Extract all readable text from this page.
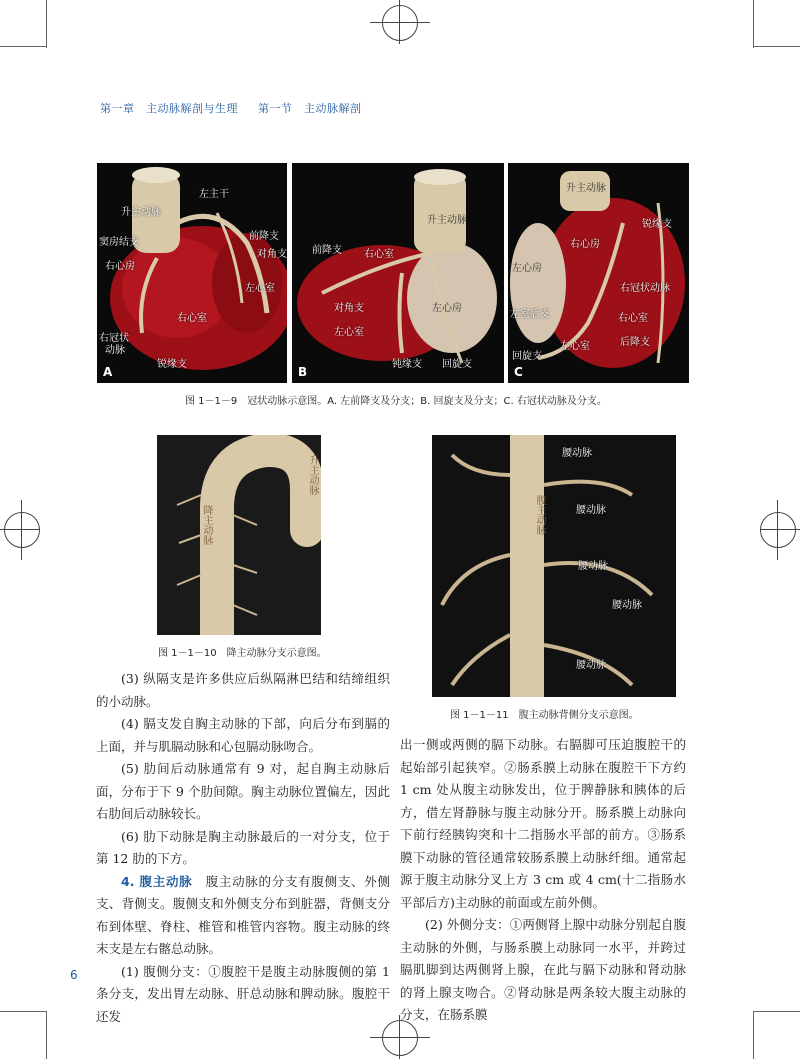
第一章　主动脉解剖与生理 第一节　主动脉解剖
升主动脉
左主干
窦房结支
前降支
对角支
右心房
左心室
右心室
右冠状
动脉
锐缘支
A
升主动脉
前降支 右心室
对角支
左心室
左心房
钝缘支 回旋支
B
升主动脉
锐缘支
右心房
左心房
右冠状动脉
左室后支	右心室
左心室	后降支
回旋支
C
图 1－1－9　冠状动脉示意图。A. 左前降支及分支；B. 回旋支及分支；C. 右冠状动脉及分支。
降主动脉
升主动脉
图 1－1－10　降主动脉分支示意图。
腹主动脉
腰动脉
腰动脉
腰动脉
腰动脉
腰动脉
图 1－1－11　腹主动脉背侧分支示意图。

(3) 纵隔支是许多供应后纵隔淋巴结和结缔组织的小动脉。

(4) 膈支发自胸主动脉的下部，向后分布到膈的上面，并与肌膈动脉和心包膈动脉吻合。

(5) 肋间后动脉通常有 9 对，起自胸主动脉后面，分布于下 9 个肋间隙。胸主动脉位置偏左，因此右肋间后动脉较长。

(6) 肋下动脉是胸主动脉最后的一对分支，位于第 12 肋的下方。

4. 腹主动脉　腹主动脉的分支有腹侧支、外侧支、背侧支。腹侧支和外侧支分布到脏器，背侧支分布到体壁、脊柱、椎管和椎管内容物。腹主动脉的终末支是左右髂总动脉。

(1) 腹侧分支：①腹腔干是腹主动脉腹侧的第 1 条分支，发出胃左动脉、肝总动脉和脾动脉。腹腔干还发

出一侧或两侧的膈下动脉。右膈脚可压迫腹腔干的起始部引起狭窄。②肠系膜上动脉在腹腔干下方约 1 cm 处从腹主动脉发出，位于脾静脉和胰体的后方，借左肾静脉与腹主动脉分开。肠系膜上动脉向下前行经胰钩突和十二指肠水平部的前方。③肠系膜下动脉的管径通常较肠系膜上动脉纤细。通常起源于腹主动脉分叉上方 3 cm 或 4 cm(十二指肠水平部后方)主动脉的前面或左前外侧。

(2) 外侧分支：①两侧肾上腺中动脉分别起自腹主动脉的外侧，与肠系膜上动脉同一水平，并跨过膈肌脚到达两侧肾上腺，在此与膈下动脉和肾动脉的肾上腺支吻合。②肾动脉是两条较大腹主动脉的分支，在肠系膜

6
